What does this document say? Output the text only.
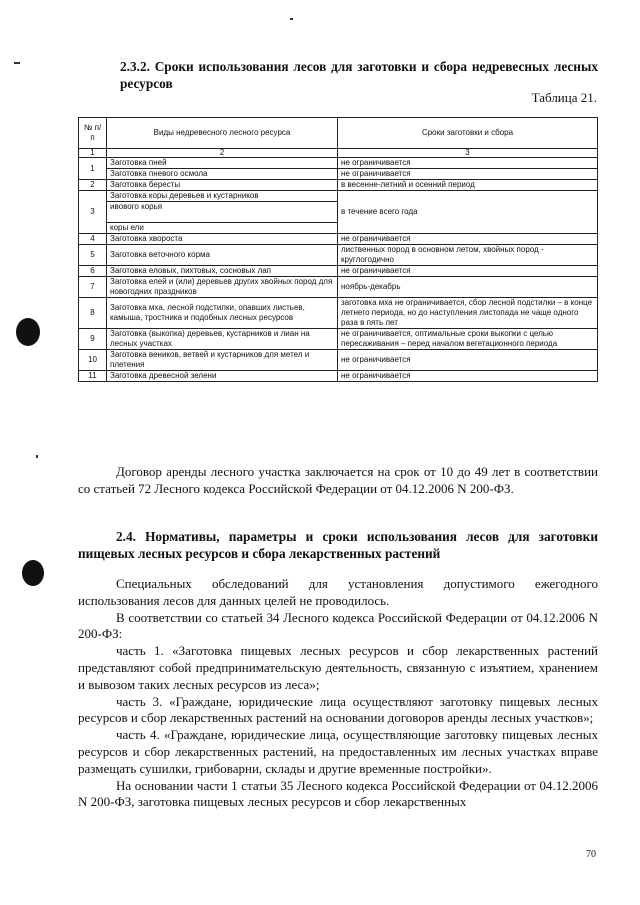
2.3.2. Сроки использования лесов для заготовки и сбора недревесных лесных ресурсов
Таблица 21.
№ п/п	Виды недревесного лесного ресурса	Сроки заготовки и сбора
1	2	3
1	Заготовка пней	не ограничивается
	Заготовка пневого осмола	не ограничивается
2	Заготовка бересты	в весенне-летний и осенний период
3	Заготовка коры деревьев и кустарников	в течение всего года
	ивового корья	
	коры ели	
4	Заготовка хвороста	не ограничивается
5	Заготовка веточного корма	лиственных пород в основном летом, хвойных пород - круглогодично
6	Заготовка еловых, пихтовых, сосновых лап	не ограничивается
7	Заготовка елей и (или) деревьев других хвойных пород для новогодних праздников	ноябрь-декабрь
8	Заготовка мха, лесной подстилки, опавших листьев, камыша, тростника и подобных лесных ресурсов	заготовка мха не ограничивается, сбор лесной подстилки – в конце летнего периода, но до наступления листопада не чаще одного раза в пять лет
9	Заготовка (выкопка) деревьев, кустарников и лиан на лесных участках	не ограничивается, оптимальные сроки выкопки с целью пересаживания – перед началом вегетационного периода
10	Заготовка веников, ветвей и кустарников для метел и плетения	не ограничивается
11	Заготовка древесной зелени	не ограничивается

Договор аренды лесного участка заключается на срок от 10 до 49 лет в соответствии со статьей 72 Лесного кодекса Российской Федерации от 04.12.2006 N 200-ФЗ.

2.4. Нормативы, параметры и сроки использования лесов для заготовки пищевых лесных ресурсов и сбора лекарственных растений

Специальных обследований для установления допустимого ежегодного использования лесов для данных целей не проводилось.

В соответствии со статьей 34 Лесного кодекса Российской Федерации от 04.12.2006 N 200-ФЗ:

часть 1. «Заготовка пищевых лесных ресурсов и сбор лекарственных растений представляют собой предпринимательскую деятельность, связанную с изъятием, хранением и вывозом таких лесных ресурсов из леса»;

часть 3. «Граждане, юридические лица осуществляют заготовку пищевых лесных ресурсов и сбор лекарственных растений на основании договоров аренды лесных участков»;

часть 4. «Граждане, юридические лица, осуществляющие заготовку пищевых лесных ресурсов и сбор лекарственных растений, на предоставленных им лесных участках вправе размещать сушилки, грибоварни, склады и другие временные постройки».

На основании части 1 статьи 35 Лесного кодекса Российской Федерации от 04.12.2006 N 200-ФЗ, заготовка пищевых лесных ресурсов и сбор лекарственных

70
